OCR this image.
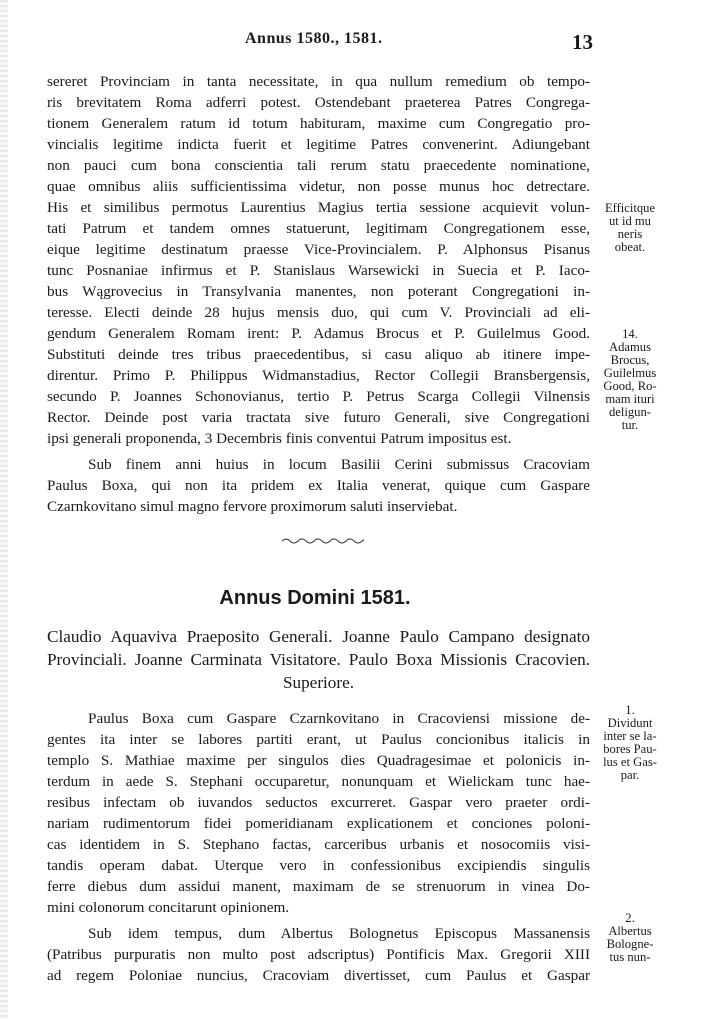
Annus 1580., 1581.	13
sereret Provinciam in tanta necessitate, in qua nullum remedium ob tempo-
ris brevitatem Roma adferri potest. Ostendebant praeterea Patres Congrega-
tionem Generalem ratum id totum habituram, maxime cum Congregatio pro-
vincialis legitime indicta fuerit et legitime Patres convenerint. Adiungebant
non pauci cum bona conscientia tali rerum statu praecedente nominatione,
quae omnibus aliis sufficientissima videtur, non posse munus hoc detrectare.
His et similibus permotus Laurentius Magius tertia sessione acquievit volun-
tati Patrum et tandem omnes statuerunt, legitimam Congregationem esse,
eique legitime destinatum praesse Vice-Provincialem. P. Alphonsus Pisanus
tunc Posnaniae infirmus et P. Stanislaus Warsewicki in Suecia et P. Iaco-
bus Wągrovecius in Transylvania manentes, non poterant Congregationi in-
teresse. Electi deinde 28 hujus mensis duo, qui cum V. Provinciali ad eli-
gendum Generalem Romam irent: P. Adamus Brocus et P. Guilelmus Good.
Substituti deinde tres tribus praecedentibus, si casu aliquo ab itinere impe-
direntur. Primo P. Philippus Widmanstadius, Rector Collegii Bransbergensis,
secundo P. Joannes Schonovianus, tertio P. Petrus Scarga Collegii Vilnensis
Rector. Deinde post varia tractata sive futuro Generali, sive Congregationi
ipsi generali proponenda, 3 Decembris finis conventui Patrum impositus est.
Sub finem anni huius in locum Basilii Cerini submissus Cracoviam
Paulus Boxa, qui non ita pridem ex Italia venerat, quique cum Gaspare
Czarnkovitano simul magno fervore proximorum saluti inserviebat.
Annus Domini 1581.
Claudio Aquaviva Praeposito Generali. Joanne Paulo Campano designato
Provinciali. Joanne Carminata Visitatore. Paulo Boxa Missionis Cracovien.
Superiore.
Paulus Boxa cum Gaspare Czarnkovitano in Cracoviensi missione de-
gentes ita inter se labores partiti erant, ut Paulus concionibus italicis in
templo S. Mathiae maxime per singulos dies Quadragesimae et polonicis in-
terdum in aede S. Stephani occuparetur, nonunquam et Wielickam tunc hae-
resibus infectam ob iuvandos seductos excurreret. Gaspar vero praeter ordi-
nariam rudimentorum fidei pomeridianam explicationem et conciones poloni-
cas identidem in S. Stephano factas, carceribus urbanis et nosocomiis visi-
tandis operam dabat. Uterque vero in confessionibus excipiendis singulis
ferre diebus dum assidui manent, maximam de se strenuorum in vinea Do-
mini colonorum concitarunt opinionem.
Sub idem tempus, dum Albertus Bolognetus Episcopus Massanensis
(Patribus purpuratis non multo post adscriptus) Pontificis Max. Gregorii XIII
ad regem Poloniae nuncius, Cracoviam divertisset, cum Paulus et Gaspar
Efficitque
ut id mu
neris
obeat.
14.
Adamus
Brocus,
Guilelmus
Good, Ro-
mam ituri
deligun-
tur.
1.
Dividunt
inter se la-
bores Pau-
lus et Gas-
par.
2.
Albertus
Bologne-
tus nun-
